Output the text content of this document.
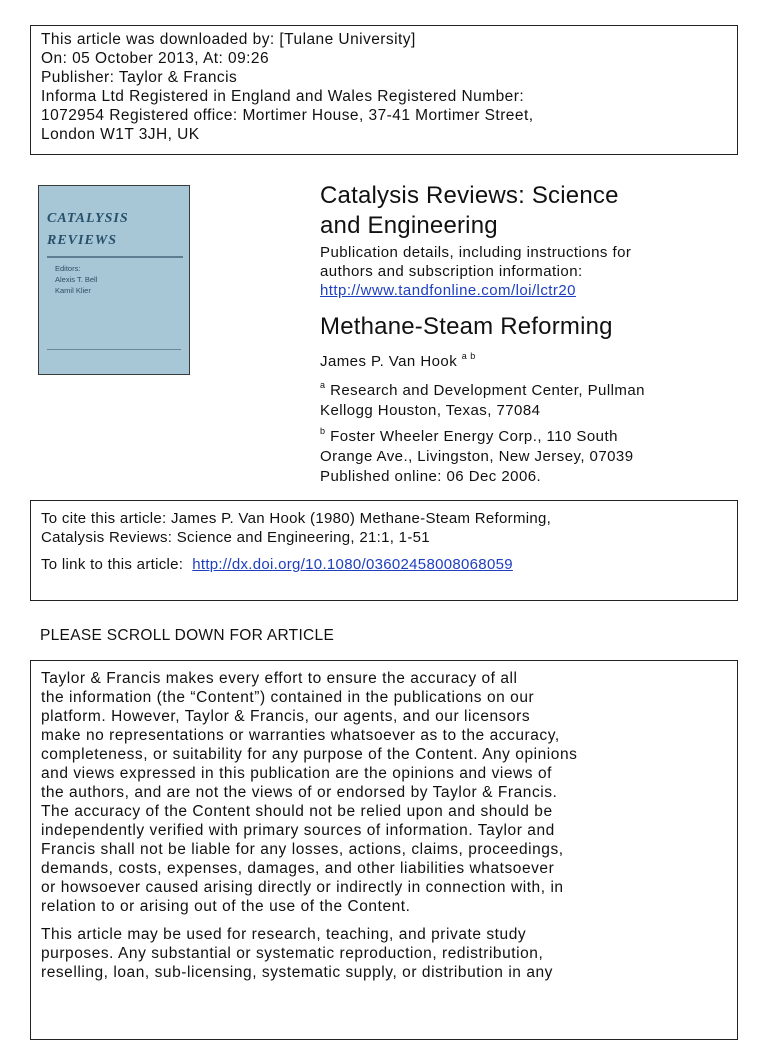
This article was downloaded by: [Tulane University]
On: 05 October 2013, At: 09:26
Publisher: Taylor & Francis
Informa Ltd Registered in England and Wales Registered Number:
1072954 Registered office: Mortimer House, 37-41 Mortimer Street,
London W1T 3JH, UK
CATALYSIS
REVIEWS
Editors:
Alexis T. Bell
Kamil Klier
Catalysis Reviews: Science
and Engineering
Publication details, including instructions for
authors and subscription information:
http://www.tandfonline.com/loi/lctr20
Methane-Steam Reforming
James P. Van Hook $^{a b}$
$^a$ Research and Development Center, Pullman
Kellogg Houston, Texas, 77084
$^b$ Foster Wheeler Energy Corp., 110 South
Orange Ave., Livingston, New Jersey, 07039
Published online: 06 Dec 2006.
To cite this article: James P. Van Hook (1980) Methane-Steam Reforming,
Catalysis Reviews: Science and Engineering, 21:1, 1-51
To link to this article: http://dx.doi.org/10.1080/03602458008068059
PLEASE SCROLL DOWN FOR ARTICLE
Taylor & Francis makes every effort to ensure the accuracy of all
the information (the “Content”) contained in the publications on our
platform. However, Taylor & Francis, our agents, and our licensors
make no representations or warranties whatsoever as to the accuracy,
completeness, or suitability for any purpose of the Content. Any opinions
and views expressed in this publication are the opinions and views of
the authors, and are not the views of or endorsed by Taylor & Francis.
The accuracy of the Content should not be relied upon and should be
independently verified with primary sources of information. Taylor and
Francis shall not be liable for any losses, actions, claims, proceedings,
demands, costs, expenses, damages, and other liabilities whatsoever
or howsoever caused arising directly or indirectly in connection with, in
relation to or arising out of the use of the Content.
This article may be used for research, teaching, and private study
purposes. Any substantial or systematic reproduction, redistribution,
reselling, loan, sub-licensing, systematic supply, or distribution in any
